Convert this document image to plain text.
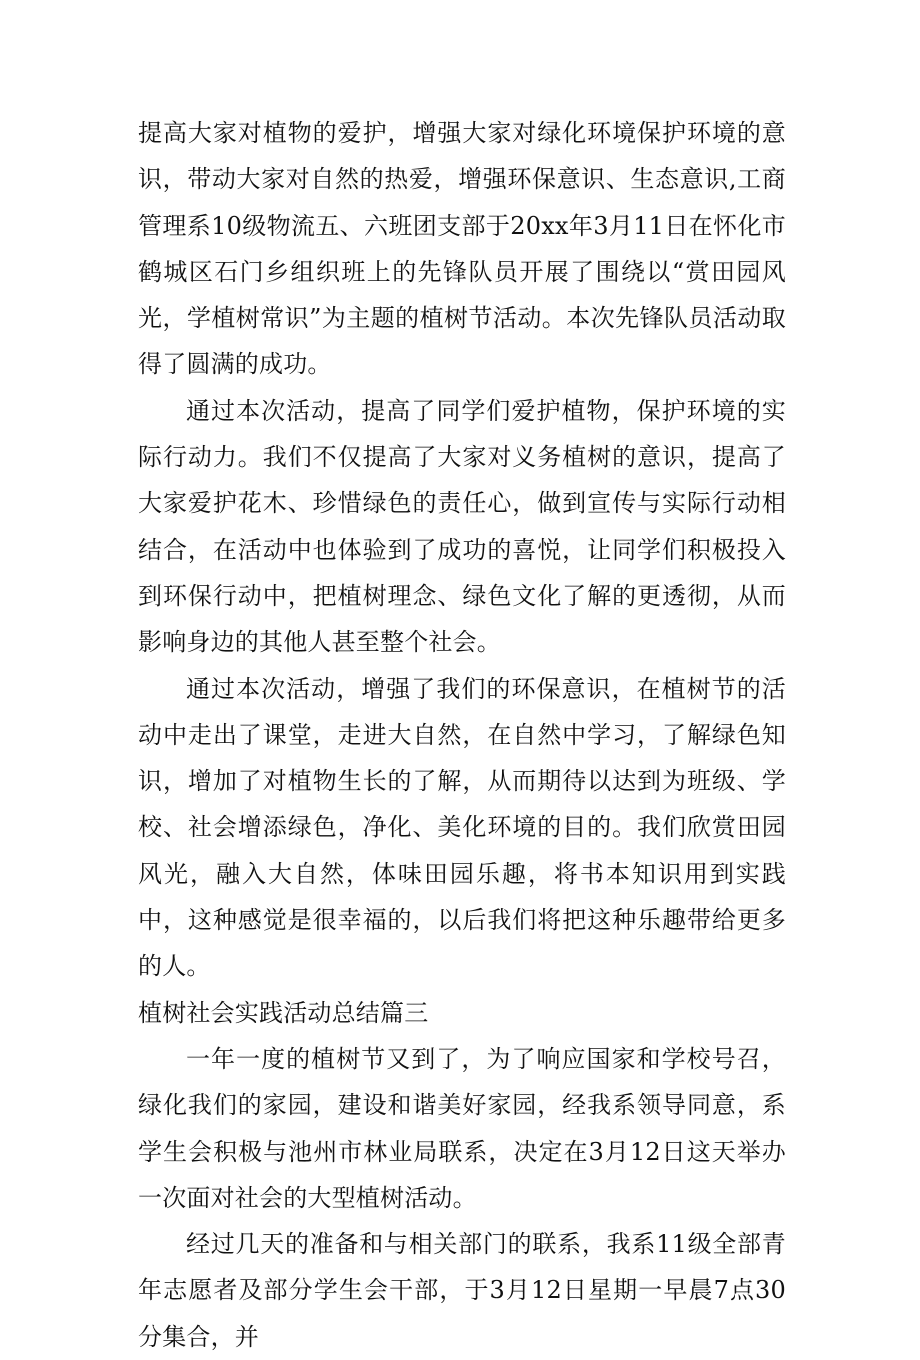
提高大家对植物的爱护，增强大家对绿化环境保护环境的意识，带动大家对自然的热爱，增强环保意识、生态意识,工商管理系10级物流五、六班团支部于20xx年3月11日在怀化市鹤城区石门乡组织班上的先锋队员开展了围绕以“赏田园风光，学植树常识”为主题的植树节活动。本次先锋队员活动取得了圆满的成功。

通过本次活动，提高了同学们爱护植物，保护环境的实际行动力。我们不仅提高了大家对义务植树的意识，提高了大家爱护花木、珍惜绿色的责任心，做到宣传与实际行动相结合，在活动中也体验到了成功的喜悦，让同学们积极投入到环保行动中，把植树理念、绿色文化了解的更透彻，从而影响身边的其他人甚至整个社会。

通过本次活动，增强了我们的环保意识，在植树节的活动中走出了课堂，走进大自然，在自然中学习，了解绿色知识，增加了对植物生长的了解，从而期待以达到为班级、学校、社会增添绿色，净化、美化环境的目的。我们欣赏田园风光，融入大自然，体味田园乐趣，将书本知识用到实践中，这种感觉是很幸福的，以后我们将把这种乐趣带给更多的人。

植树社会实践活动总结篇三

一年一度的植树节又到了，为了响应国家和学校号召，绿化我们的家园，建设和谐美好家园，经我系领导同意，系学生会积极与池州市林业局联系，决定在3月12日这天举办一次面对社会的大型植树活动。

经过几天的准备和与相关部门的联系，我系11级全部青年志愿者及部分学生会干部，于3月12日星期一早晨7点30分集合，并
